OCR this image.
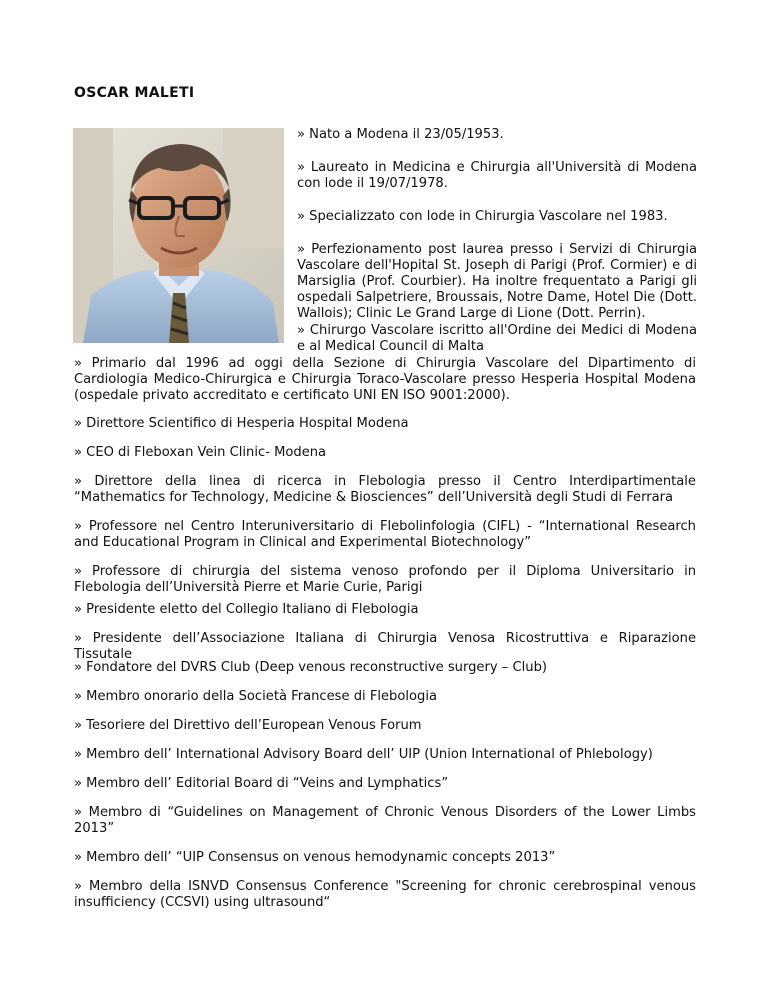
OSCAR MALETI

» Nato a Modena il 23/05/1953.

» Laureato in Medicina e Chirurgia all'Università di Modena con lode il 19/07/1978.

» Specializzato con lode in Chirurgia Vascolare nel 1983.

» Perfezionamento post laurea presso i Servizi di Chirurgia Vascolare dell'Hopital St. Joseph di Parigi (Prof. Cormier) e di Marsiglia (Prof. Courbier). Ha inoltre frequentato a Parigi gli ospedali Salpetriere, Broussais, Notre Dame, Hotel Die (Dott. Wallois); Clinic Le Grand Large di Lione (Dott. Perrin).

» Chirurgo Vascolare iscritto all'Ordine dei Medici di Modena e al Medical Council di Malta

» Primario dal 1996 ad oggi della Sezione di Chirurgia Vascolare del Dipartimento di Cardiologia Medico-Chirurgica e Chirurgia Toraco-Vascolare presso Hesperia Hospital Modena (ospedale privato accreditato e certificato UNI EN ISO 9001:2000).

» Direttore Scientifico di Hesperia Hospital Modena

» CEO di Fleboxan Vein Clinic- Modena

» Direttore della linea di ricerca in Flebologia presso il Centro Interdipartimentale “Mathematics for Technology, Medicine & Biosciences” dell’Università degli Studi di Ferrara

» Professore nel Centro Interuniversitario di Flebolinfologia (CIFL) - “International Research and Educational Program in Clinical and Experimental Biotechnology”

» Professore di chirurgia del sistema venoso profondo per il Diploma Universitario in Flebologia dell’Università Pierre et Marie Curie, Parigi

» Presidente eletto del Collegio Italiano di Flebologia

» Presidente dell’Associazione Italiana di Chirurgia Venosa Ricostruttiva e Riparazione Tissutale

» Fondatore del DVRS Club (Deep venous reconstructive surgery – Club)

» Membro onorario della Società Francese di Flebologia

» Tesoriere del Direttivo dell’European Venous Forum

» Membro dell’ International Advisory Board dell’ UIP (Union International of Phlebology)

» Membro dell’ Editorial Board di “Veins and Lymphatics”

» Membro di “Guidelines on Management of Chronic Venous Disorders of the Lower Limbs 2013”

» Membro dell’ “UIP Consensus on venous hemodynamic concepts 2013”

» Membro della ISNVD Consensus Conference "Screening for chronic cerebrospinal venous insufficiency (CCSVI) using ultrasound“
